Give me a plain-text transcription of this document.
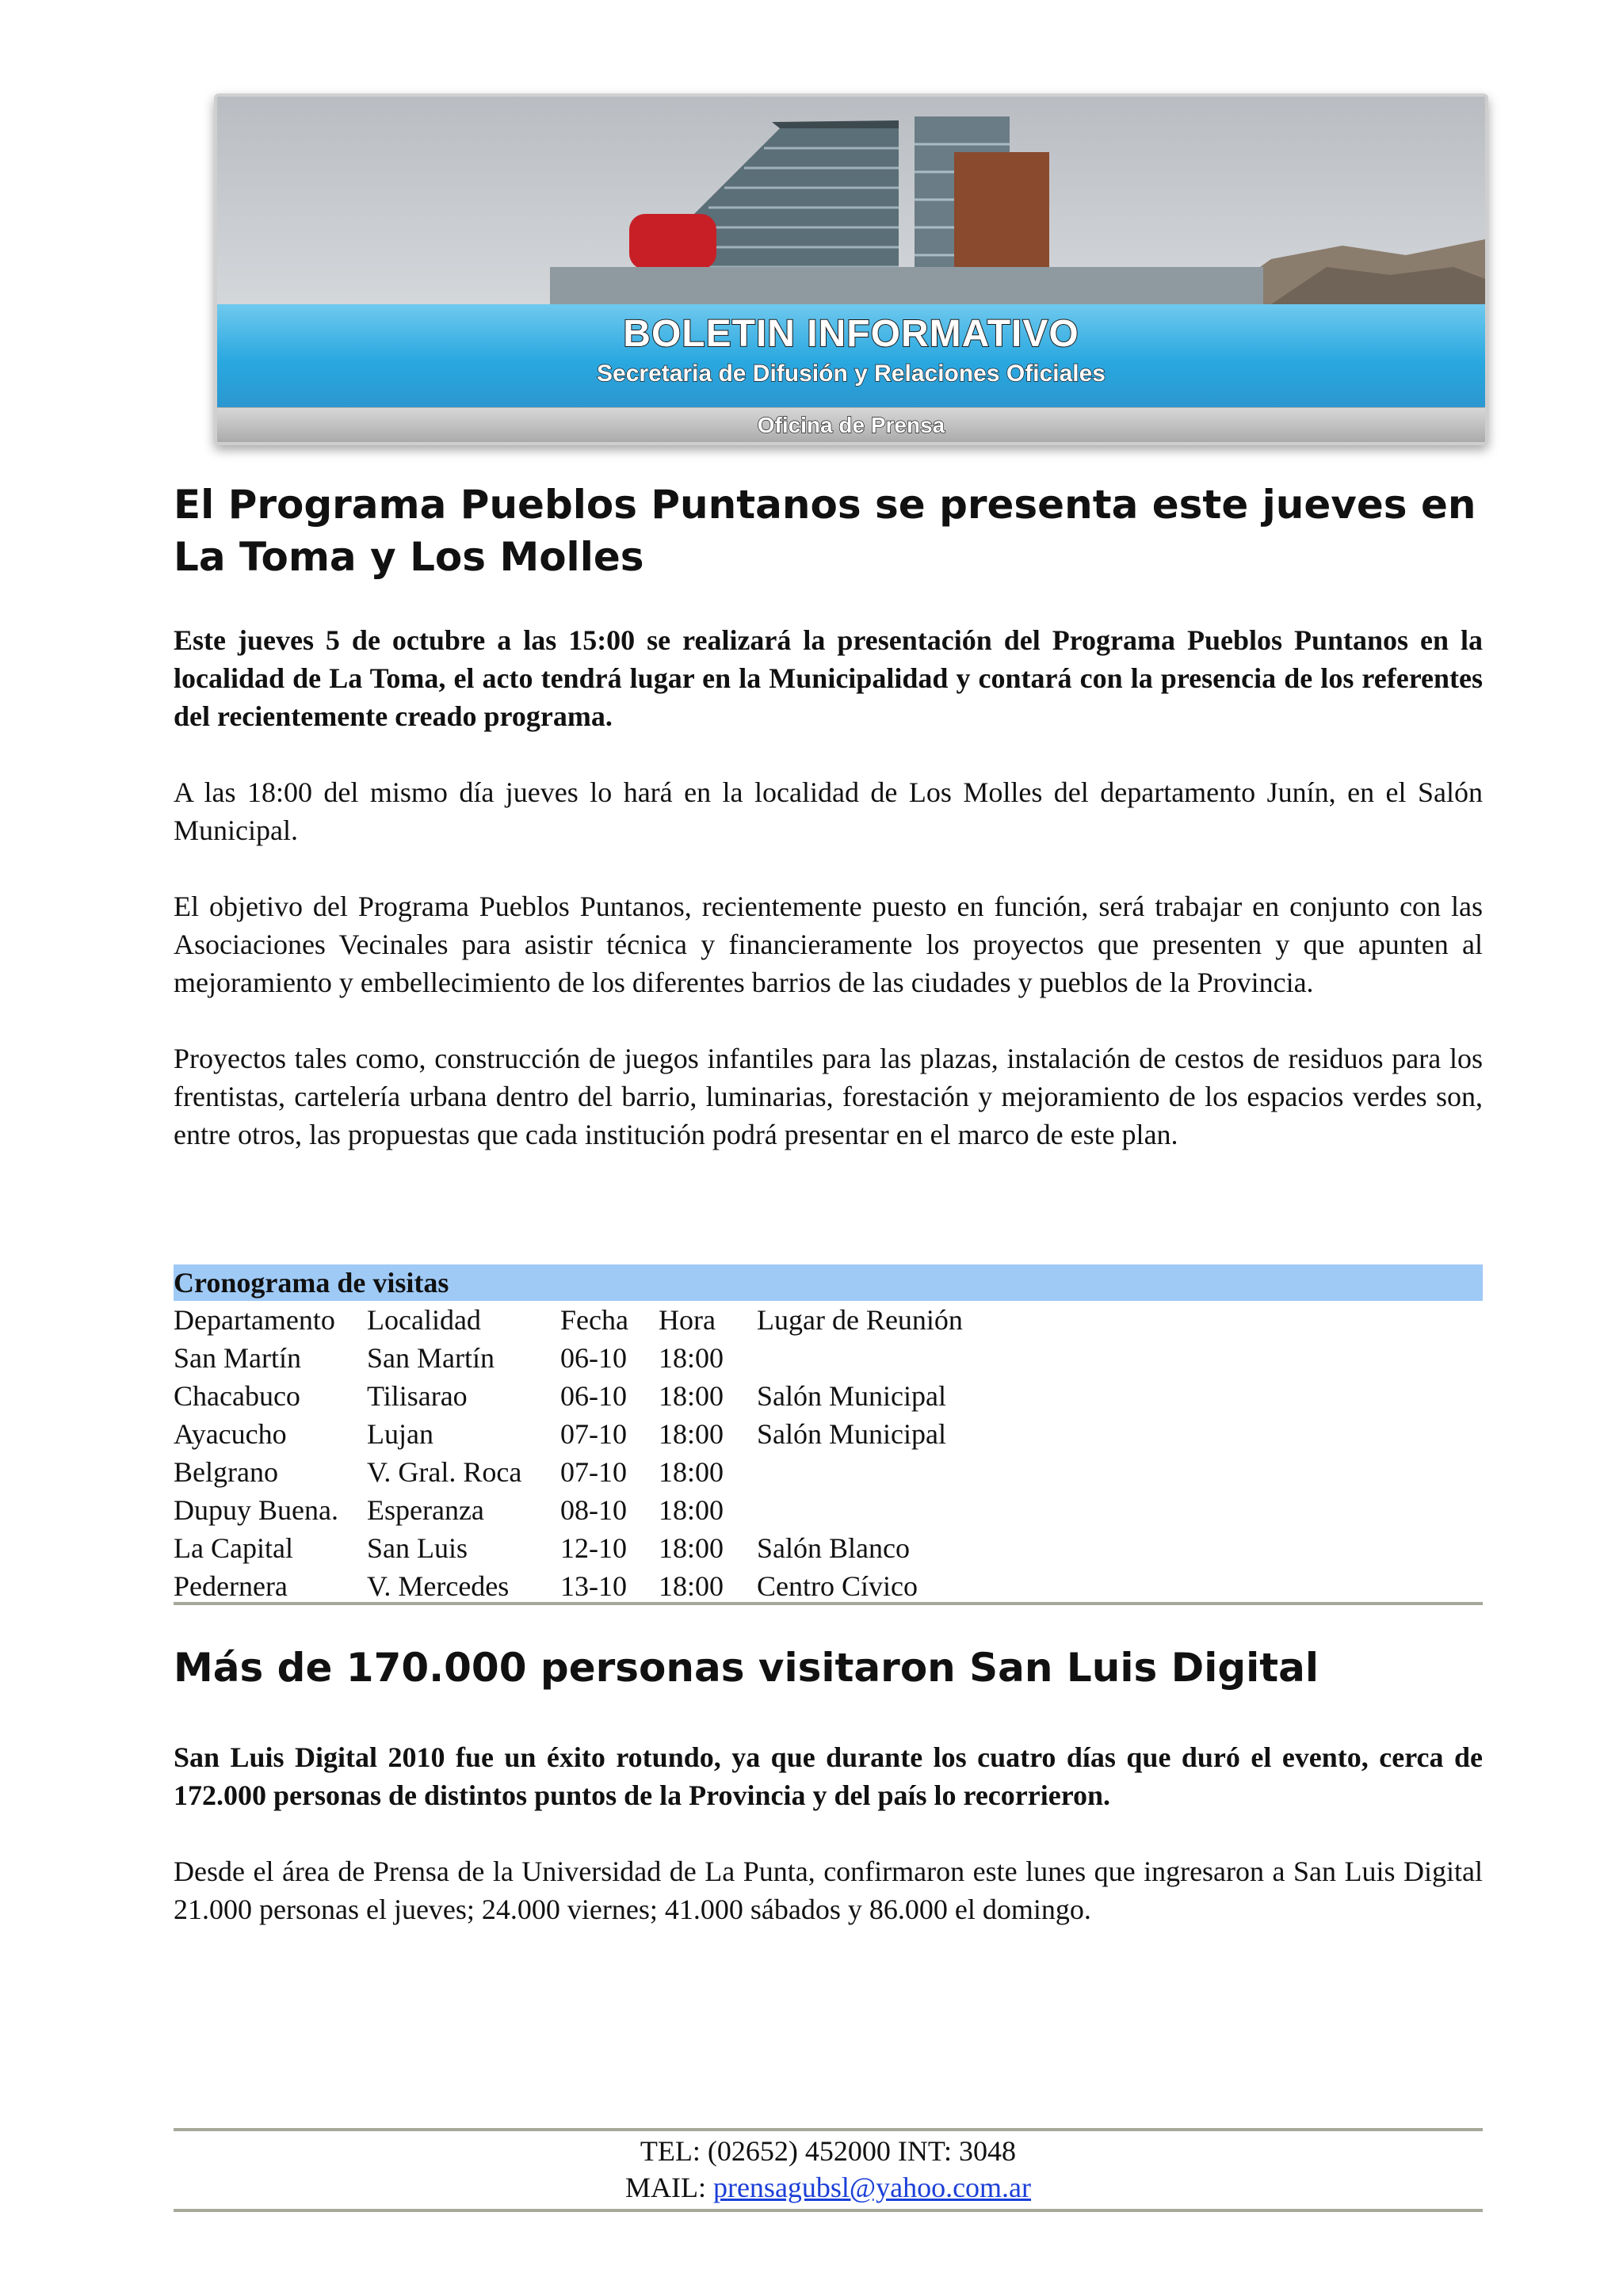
BOLETIN INFORMATIVO
Secretaria de Difusión y Relaciones Oficiales
Oficina de Prensa
El Programa Pueblos Puntanos se presenta este jueves en La Toma y Los Molles

Este jueves 5 de octubre a las 15:00 se realizará la presentación del Programa Pueblos Puntanos en la localidad de La Toma, el acto tendrá lugar en la Municipalidad y contará con la presencia de los referentes del recientemente creado programa.

A las 18:00 del mismo día jueves lo hará en la localidad de Los Molles del departamento Junín, en el Salón Municipal.

El objetivo del Programa Pueblos Puntanos, recientemente puesto en función, será trabajar en conjunto con las Asociaciones Vecinales para asistir técnica y financieramente los proyectos que presenten y que apunten al mejoramiento y embellecimiento de los diferentes barrios de las ciudades y pueblos de la Provincia.

Proyectos tales como, construcción de juegos infantiles para las plazas, instalación de cestos de residuos para los frentistas, cartelería urbana dentro del barrio, luminarias, forestación y mejoramiento de los espacios verdes son, entre otros, las propuestas que cada institución podrá presentar en el marco de este plan.

Cronograma de visitas
Departamento	Localidad	Fecha	Hora	Lugar de Reunión
San Martín	San Martín	06-10	18:00	
Chacabuco	Tilisarao	06-10	18:00	Salón Municipal
Ayacucho	Lujan	07-10	18:00	Salón Municipal
Belgrano	V. Gral. Roca	07-10	18:00	
Dupuy Buena.	Esperanza	08-10	18:00	
La Capital	San Luis	12-10	18:00	Salón Blanco
Pedernera	V. Mercedes	13-10	18:00	Centro Cívico
Más de 170.000 personas visitaron San Luis Digital

San Luis Digital 2010 fue un éxito rotundo, ya que durante los cuatro días que duró el evento, cerca de 172.000 personas de distintos puntos de la Provincia y del país lo recorrieron.

Desde el área de Prensa de la Universidad de La Punta, confirmaron este lunes que ingresaron a San Luis Digital 21.000 personas el jueves; 24.000 viernes; 41.000 sábados y 86.000 el domingo.

TEL: (02652) 452000 INT: 3048
MAIL: prensagubsl@yahoo.com.ar
